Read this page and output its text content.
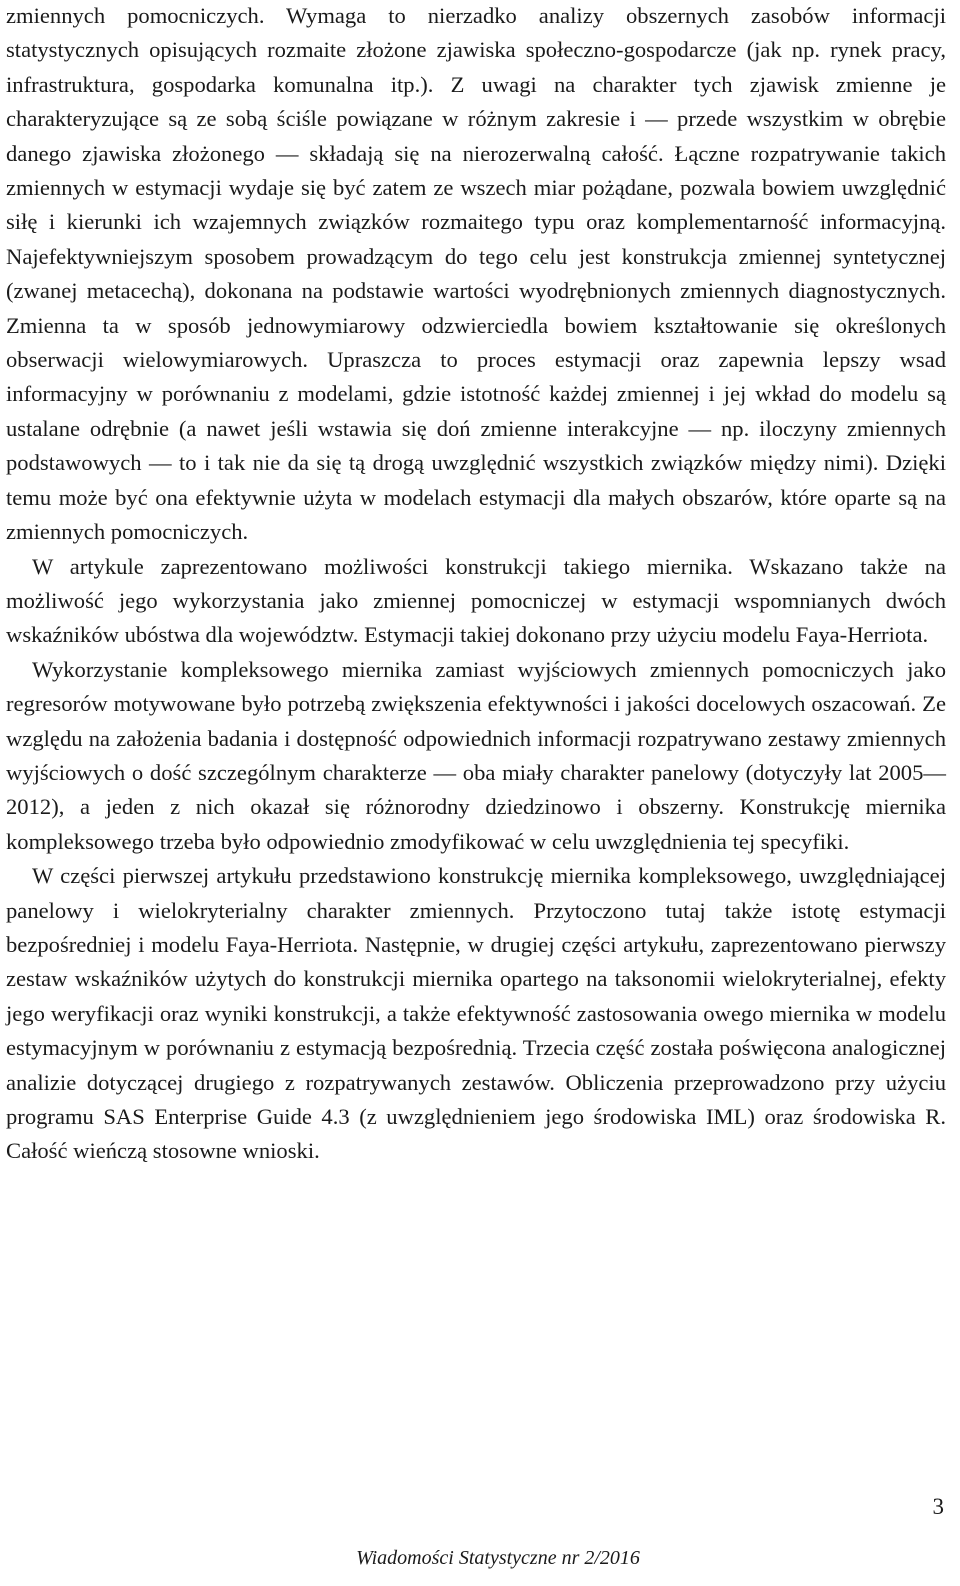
zmiennych pomocniczych. Wymaga to nierzadko analizy obszernych zasobów informacji statystycznych opisujących rozmaite złożone zjawiska społeczno-gospodarcze (jak np. rynek pracy, infrastruktura, gospodarka komunalna itp.). Z uwagi na charakter tych zjawisk zmienne je charakteryzujące są ze sobą ściśle powiązane w różnym zakresie i — przede wszystkim w obrębie danego zjawiska złożonego — składają się na nierozerwalną całość. Łączne rozpatrywanie takich zmiennych w estymacji wydaje się być zatem ze wszech miar pożądane, pozwala bowiem uwzględnić siłę i kierunki ich wzajemnych związków rozmaitego typu oraz komplementarność informacyjną. Najefektywniejszym sposobem prowadzącym do tego celu jest konstrukcja zmiennej syntetycznej (zwanej metacechą), dokonana na podstawie wartości wyodrębnionych zmiennych diagnostycznych. Zmienna ta w sposób jednowymiarowy odzwierciedla bowiem kształtowanie się określonych obserwacji wielowymiarowych. Upraszcza to proces estymacji oraz zapewnia lepszy wsad informacyjny w porównaniu z modelami, gdzie istotność każdej zmiennej i jej wkład do modelu są ustalane odrębnie (a nawet jeśli wstawia się doń zmienne interakcyjne — np. iloczyny zmiennych podstawowych — to i tak nie da się tą drogą uwzględnić wszystkich związków między nimi). Dzięki temu może być ona efektywnie użyta w modelach estymacji dla małych obszarów, które oparte są na zmiennych pomocniczych.

W artykule zaprezentowano możliwości konstrukcji takiego miernika. Wskazano także na możliwość jego wykorzystania jako zmiennej pomocniczej w estymacji wspomnianych dwóch wskaźników ubóstwa dla województw. Estymacji takiej dokonano przy użyciu modelu Faya-Herriota.

Wykorzystanie kompleksowego miernika zamiast wyjściowych zmiennych pomocniczych jako regresorów motywowane było potrzebą zwiększenia efektywności i jakości docelowych oszacowań. Ze względu na założenia badania i dostępność odpowiednich informacji rozpatrywano zestawy zmiennych wyjściowych o dość szczególnym charakterze — oba miały charakter panelowy (dotyczyły lat 2005—2012), a jeden z nich okazał się różnorodny dziedzinowo i obszerny. Konstrukcję miernika kompleksowego trzeba było odpowiednio zmodyfikować w celu uwzględnienia tej specyfiki.

W części pierwszej artykułu przedstawiono konstrukcję miernika kompleksowego, uwzględniającej panelowy i wielokryterialny charakter zmiennych. Przytoczono tutaj także istotę estymacji bezpośredniej i modelu Faya-Herriota. Następnie, w drugiej części artykułu, zaprezentowano pierwszy zestaw wskaźników użytych do konstrukcji miernika opartego na taksonomii wielokryterialnej, efekty jego weryfikacji oraz wyniki konstrukcji, a także efektywność zastosowania owego miernika w modelu estymacyjnym w porównaniu z estymacją bezpośrednią. Trzecia część została poświęcona analogicznej analizie dotyczącej drugiego z rozpatrywanych zestawów. Obliczenia przeprowadzono przy użyciu programu SAS Enterprise Guide 4.3 (z uwzględnieniem jego środowiska IML) oraz środowiska R. Całość wieńczą stosowne wnioski.

3
Wiadomości Statystyczne nr 2/2016
